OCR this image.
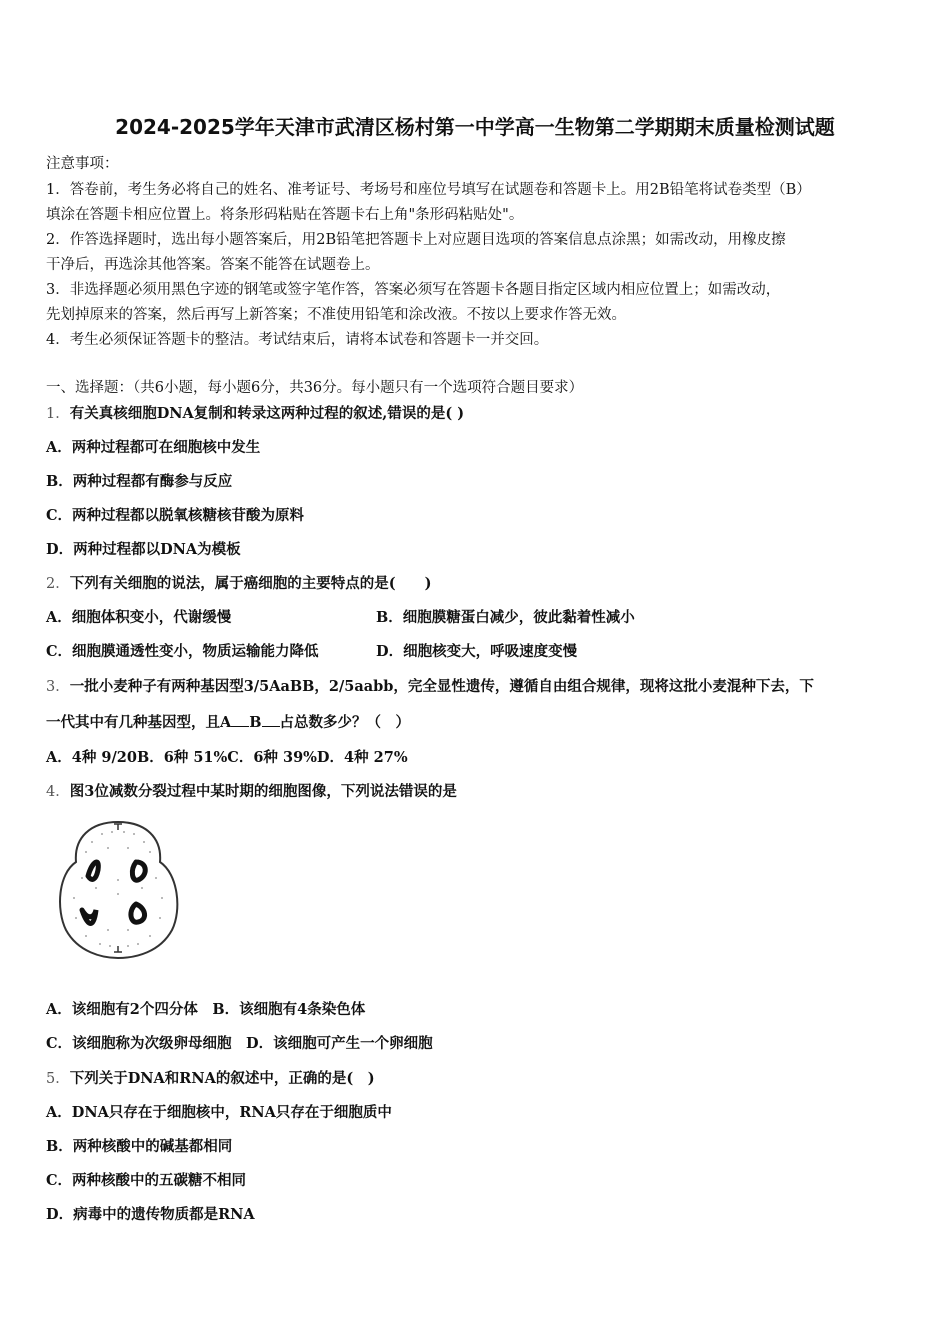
2024-2025学年天津市武清区杨村第一中学高一生物第二学期期末质量检测试题
注意事项：
1．答卷前，考生务必将自己的姓名、准考证号、考场号和座位号填写在试题卷和答题卡上。用2B铅笔将试卷类型（B）
填涂在答题卡相应位置上。将条形码粘贴在答题卡右上角"条形码粘贴处"。
2．作答选择题时，选出每小题答案后，用2B铅笔把答题卡上对应题目选项的答案信息点涂黑；如需改动，用橡皮擦
干净后，再选涂其他答案。答案不能答在试题卷上。
3．非选择题必须用黑色字迹的钢笔或签字笔作答，答案必须写在答题卡各题目指定区域内相应位置上；如需改动，
先划掉原来的答案，然后再写上新答案；不准使用铅笔和涂改液。不按以上要求作答无效。
4．考生必须保证答题卡的整洁。考试结束后，请将本试卷和答题卡一并交回。
一、选择题：（共6小题，每小题6分，共36分。每小题只有一个选项符合题目要求）
1．有关真核细胞DNA复制和转录这两种过程的叙述,错误的是( )
A．两种过程都可在细胞核中发生
B．两种过程都有酶参与反应
C．两种过程都以脱氧核糖核苷酸为原料
D．两种过程都以DNA为模板
2．下列有关细胞的说法，属于癌细胞的主要特点的是(　　)
A．细胞体积变小，代谢缓慢	B．细胞膜糖蛋白减少，彼此黏着性减小
C．细胞膜通透性变小，物质运输能力降低	D．细胞核变大，呼吸速度变慢
3．一批小麦种子有两种基因型3/5AaBB，2/5aabb，完全显性遗传，遵循自由组合规律，现将这批小麦混种下去，下
一代其中有几种基因型，且A B 占总数多少？（　）
A．4种 9/20B．6种 51%C．6种 39%D．4种 27%
4．图3位减数分裂过程中某时期的细胞图像，下列说法错误的是
A．该细胞有2个四分体　 B．该细胞有4条染色体
C．该细胞称为次级卵母细胞　 D．该细胞可产生一个卵细胞
5．下列关于DNA和RNA的叙述中，正确的是(　)
A．DNA只存在于细胞核中，RNA只存在于细胞质中
B．两种核酸中的碱基都相同
C．两种核酸中的五碳糖不相同
D．病毒中的遗传物质都是RNA
